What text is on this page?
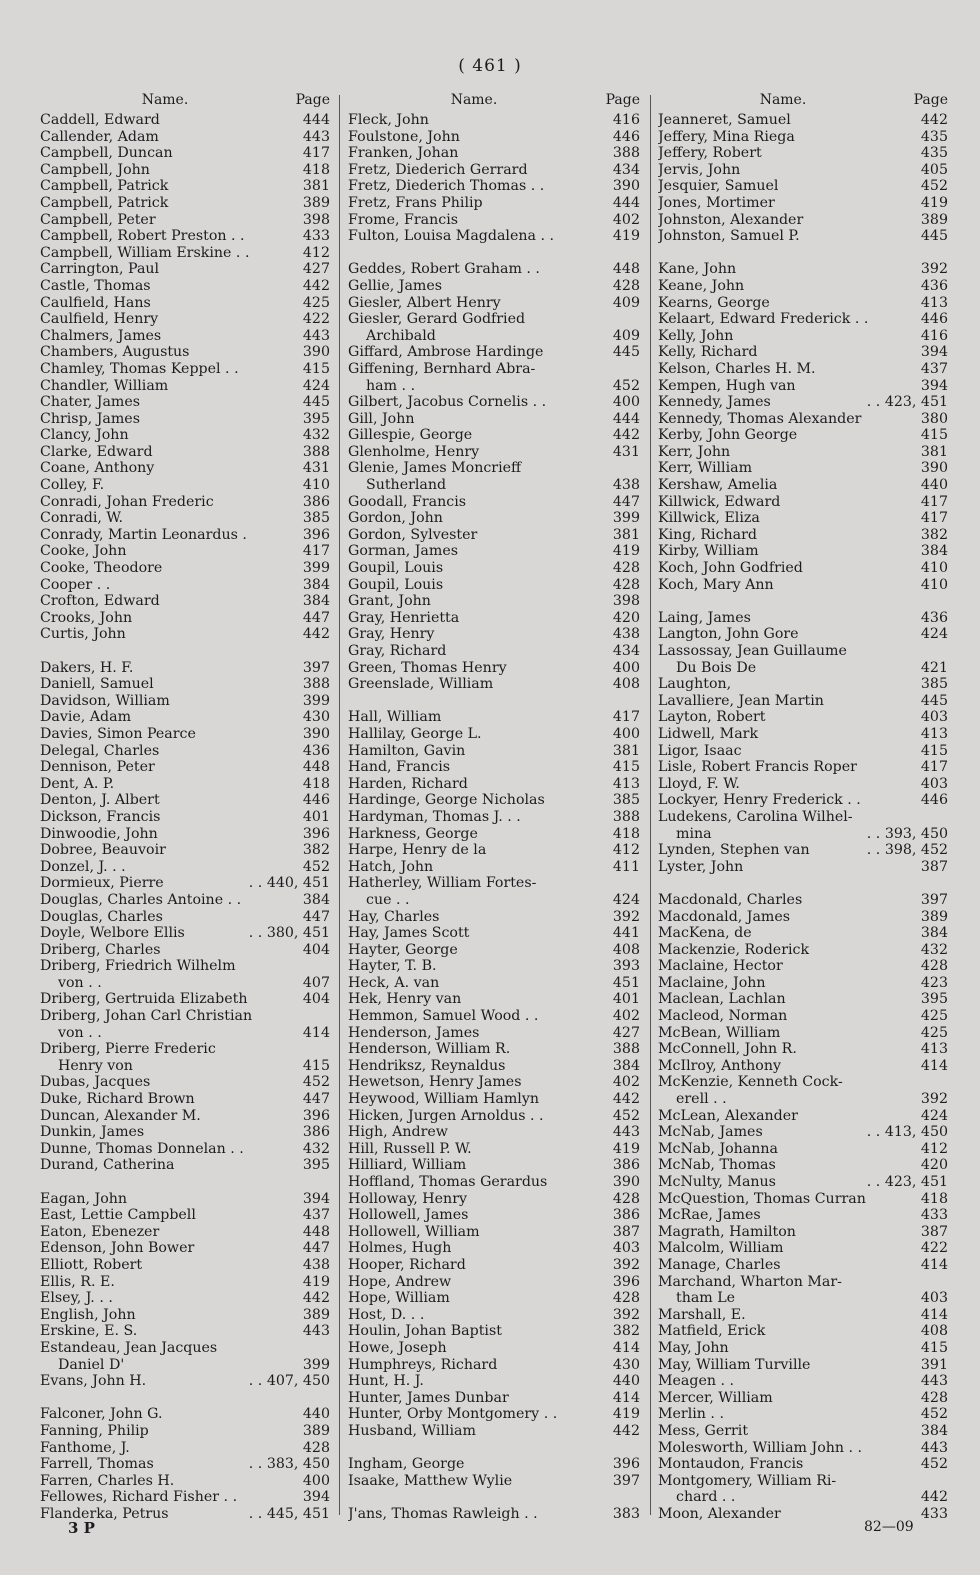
( 461 )
Name.	Page
Caddell, Edward	444
Callender, Adam	443
Campbell, Duncan	417
Campbell, John	418
Campbell, Patrick	381
Campbell, Patrick	389
Campbell, Peter	398
Campbell, Robert Preston . .	433
Campbell, William Erskine . .	412
Carrington, Paul	427
Castle, Thomas	442
Caulfield, Hans	425
Caulfield, Henry	422
Chalmers, James	443
Chambers, Augustus	390
Chamley, Thomas Keppel . .	415
Chandler, William	424
Chater, James	445
Chrisp, James	395
Clancy, John	432
Clarke, Edward	388
Coane, Anthony	431
Colley, F.	410
Conradi, Johan Frederic	386
Conradi, W.	385
Conrady, Martin Leonardus .	396
Cooke, John	417
Cooke, Theodore	399
Cooper . .	384
Crofton, Edward	384
Crooks, John	447
Curtis, John	442
Dakers, H. F.	397
Daniell, Samuel	388
Davidson, William	399
Davie, Adam	430
Davies, Simon Pearce	390
Delegal, Charles	436
Dennison, Peter	448
Dent, A. P.	418
Denton, J. Albert	446
Dickson, Francis	401
Dinwoodie, John	396
Dobree, Beauvoir	382
Donzel, J. . .	452
Dormieux, Pierre	. . 440, 451
Douglas, Charles Antoine . .	384
Douglas, Charles	447
Doyle, Welbore Ellis	. . 380, 451
Driberg, Charles	404
Driberg, Friedrich Wilhelm
von . .	407
Driberg, Gertruida Elizabeth	404
Driberg, Johan Carl Christian
von . .	414
Driberg, Pierre Frederic
Henry von	415
Dubas, Jacques	452
Duke, Richard Brown	447
Duncan, Alexander M.	396
Dunkin, James	386
Dunne, Thomas Donnelan . .	432
Durand, Catherina	395
Eagan, John	394
East, Lettie Campbell	437
Eaton, Ebenezer	448
Edenson, John Bower	447
Elliott, Robert	438
Ellis, R. E.	419
Elsey, J. . .	442
English, John	389
Erskine, E. S.	443
Estandeau, Jean Jacques
Daniel D'	399
Evans, John H.	. . 407, 450
Falconer, John G.	440
Fanning, Philip	389
Fanthome, J.	428
Farrell, Thomas	. . 383, 450
Farren, Charles H.	400
Fellowes, Richard Fisher . .	394
Flanderka, Petrus	. . 445, 451
Name.	Page
Fleck, John	416
Foulstone, John	446
Franken, Johan	388
Fretz, Diederich Gerrard	434
Fretz, Diederich Thomas . .	390
Fretz, Frans Philip	444
Frome, Francis	402
Fulton, Louisa Magdalena . .	419
Geddes, Robert Graham . .	448
Gellie, James	428
Giesler, Albert Henry	409
Giesler, Gerard Godfried
Archibald	409
Giffard, Ambrose Hardinge	445
Giffening, Bernhard Abra-
ham . .	452
Gilbert, Jacobus Cornelis . .	400
Gill, John	444
Gillespie, George	442
Glenholme, Henry	431
Glenie, James Moncrieff
Sutherland	438
Goodall, Francis	447
Gordon, John	399
Gordon, Sylvester	381
Gorman, James	419
Goupil, Louis	428
Goupil, Louis	428
Grant, John	398
Gray, Henrietta	420
Gray, Henry	438
Gray, Richard	434
Green, Thomas Henry	400
Greenslade, William	408
Hall, William	417
Hallilay, George L.	400
Hamilton, Gavin	381
Hand, Francis	415
Harden, Richard	413
Hardinge, George Nicholas	385
Hardyman, Thomas J. . .	388
Harkness, George	418
Harpe, Henry de la	412
Hatch, John	411
Hatherley, William Fortes-
cue . .	424
Hay, Charles	392
Hay, James Scott	441
Hayter, George	408
Hayter, T. B.	393
Heck, A. van	451
Hek, Henry van	401
Hemmon, Samuel Wood . .	402
Henderson, James	427
Henderson, William R.	388
Hendriksz, Reynaldus	384
Hewetson, Henry James	402
Heywood, William Hamlyn	442
Hicken, Jurgen Arnoldus . .	452
High, Andrew	443
Hill, Russell P. W.	419
Hilliard, William	386
Hoffland, Thomas Gerardus	390
Holloway, Henry	428
Hollowell, James	386
Hollowell, William	387
Holmes, Hugh	403
Hooper, Richard	392
Hope, Andrew	396
Hope, William	428
Host, D. . .	392
Houlin, Johan Baptist	382
Howe, Joseph	414
Humphreys, Richard	430
Hunt, H. J.	440
Hunter, James Dunbar	414
Hunter, Orby Montgomery . .	419
Husband, William	442
Ingham, George	396
Isaake, Matthew Wylie	397
J'ans, Thomas Rawleigh . .	383
Name.	Page
Jeanneret, Samuel	442
Jeffery, Mina Riega	435
Jeffery, Robert	435
Jervis, John	405
Jesquier, Samuel	452
Jones, Mortimer	419
Johnston, Alexander	389
Johnston, Samuel P.	445
Kane, John	392
Keane, John	436
Kearns, George	413
Kelaart, Edward Frederick . .	446
Kelly, John	416
Kelly, Richard	394
Kelson, Charles H. M.	437
Kempen, Hugh van	394
Kennedy, James	. . 423, 451
Kennedy, Thomas Alexander	380
Kerby, John George	415
Kerr, John	381
Kerr, William	390
Kershaw, Amelia	440
Killwick, Edward	417
Killwick, Eliza	417
King, Richard	382
Kirby, William	384
Koch, John Godfried	410
Koch, Mary Ann	410
Laing, James	436
Langton, John Gore	424
Lassossay, Jean Guillaume
Du Bois De	421
Laughton,	385
Lavalliere, Jean Martin	445
Layton, Robert	403
Lidwell, Mark	413
Ligor, Isaac	415
Lisle, Robert Francis Roper	417
Lloyd, F. W.	403
Lockyer, Henry Frederick . .	446
Ludekens, Carolina Wilhel-
mina	. . 393, 450
Lynden, Stephen van	. . 398, 452
Lyster, John	387
Macdonald, Charles	397
Macdonald, James	389
MacKena, de	384
Mackenzie, Roderick	432
Maclaine, Hector	428
Maclaine, John	423
Maclean, Lachlan	395
Macleod, Norman	425
McBean, William	425
McConnell, John R.	413
McIlroy, Anthony	414
McKenzie, Kenneth Cock-
erell . .	392
McLean, Alexander	424
McNab, James	. . 413, 450
McNab, Johanna	412
McNab, Thomas	420
McNulty, Manus	. . 423, 451
McQuestion, Thomas Curran	418
McRae, James	433
Magrath, Hamilton	387
Malcolm, William	422
Manage, Charles	414
Marchand, Wharton Mar-
tham Le	403
Marshall, E.	414
Matfield, Erick	408
May, John	415
May, William Turville	391
Meagen . .	443
Mercer, William	428
Merlin . .	452
Mess, Gerrit	384
Molesworth, William John . .	443
Montaudon, Francis	452
Montgomery, William Ri-
chard . .	442
Moon, Alexander	433
3 P	82—09
